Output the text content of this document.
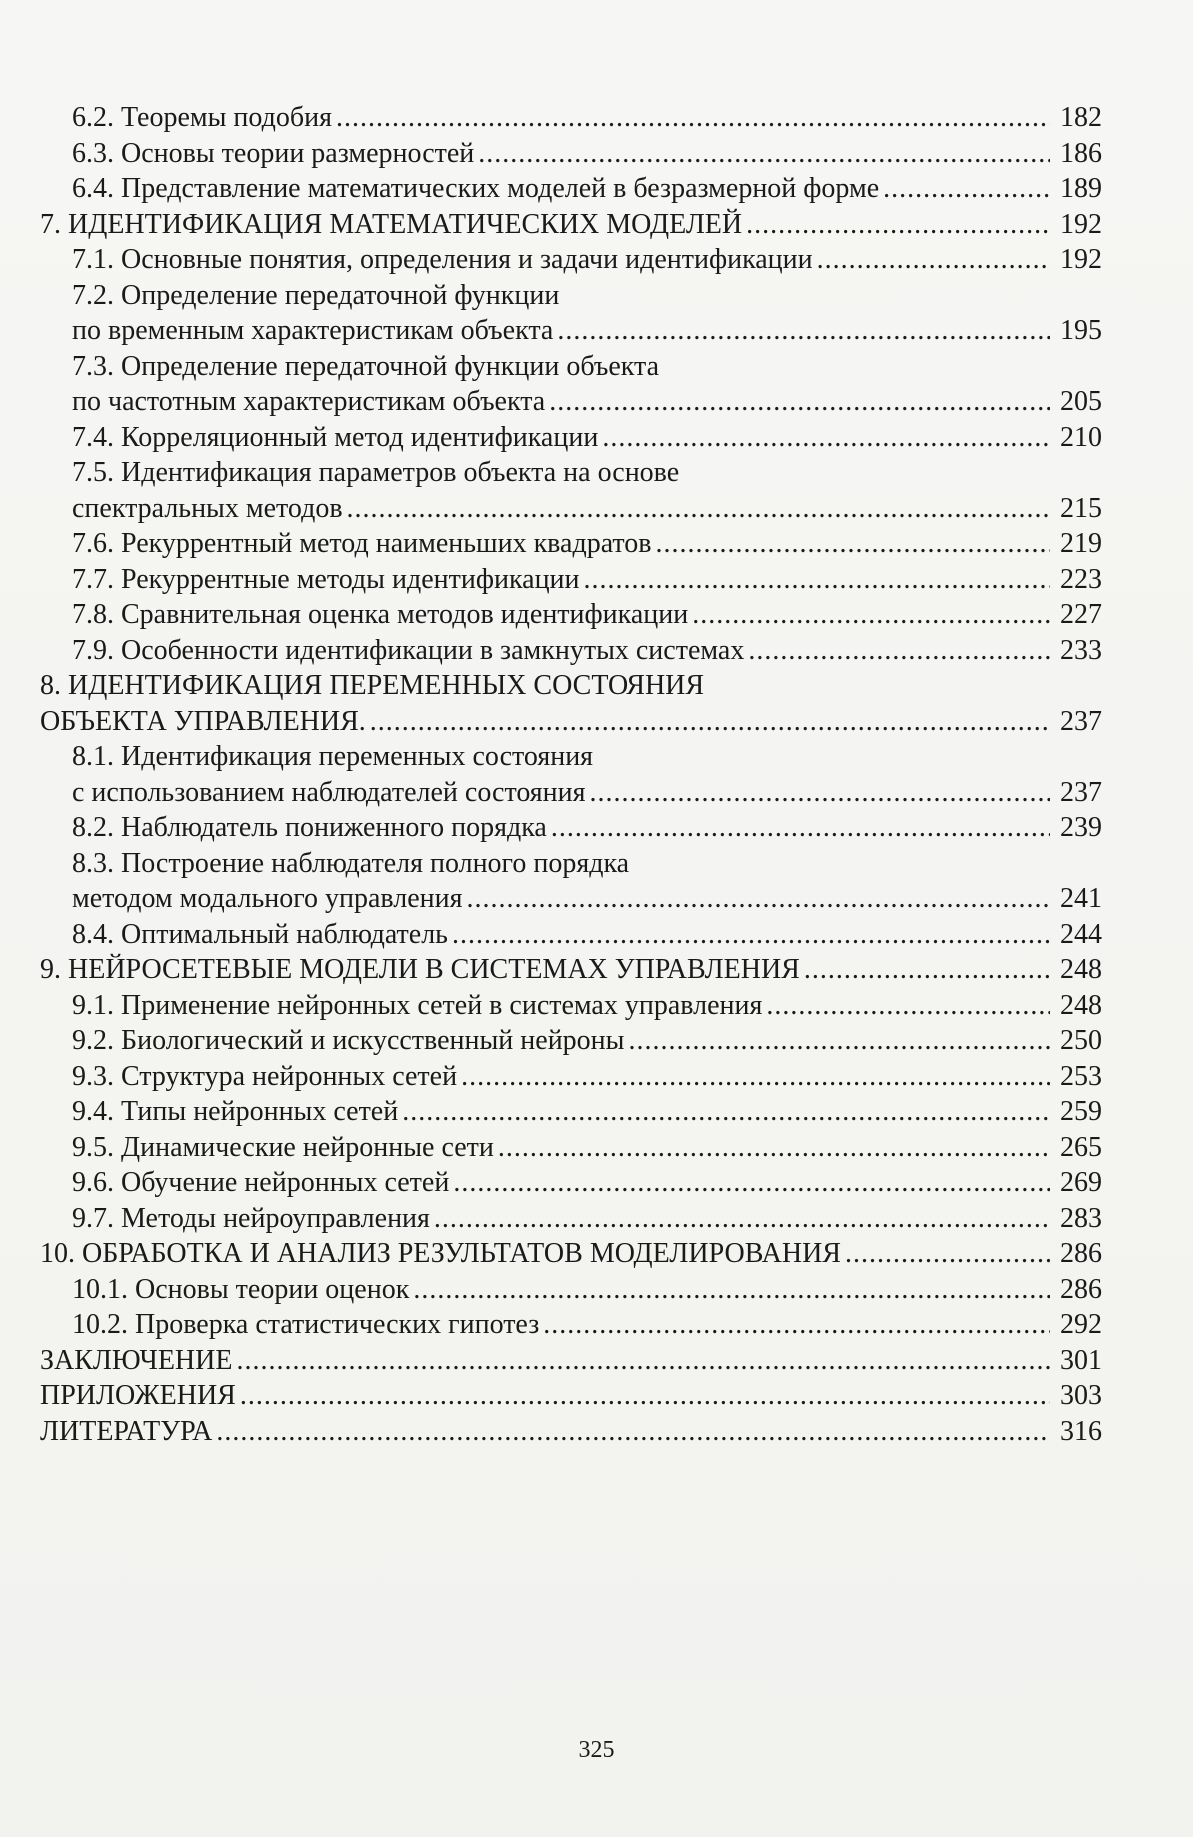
6.2. Теоремы подобия .....	182
6.3. Основы теории размерностей .....	186
6.4. Представление математических моделей в безразмерной форме .....	189
7. ИДЕНТИФИКАЦИЯ МАТЕМАТИЧЕСКИХ МОДЕЛЕЙ .....	192
7.1. Основные понятия, определения и задачи идентификации .....	192
7.2. Определение передаточной функции
по временным характеристикам объекта .....	195
7.3. Определение передаточной функции объекта
по частотным характеристикам объекта .....	205
7.4. Корреляционный метод идентификации .....	210
7.5. Идентификация параметров объекта на основе
спектральных методов .....	215
7.6. Рекуррентный метод наименьших квадратов .....	219
7.7. Рекуррентные методы идентификации .....	223
7.8. Сравнительная оценка методов идентификации .....	227
7.9. Особенности идентификации в замкнутых системах .....	233
8. ИДЕНТИФИКАЦИЯ ПЕРЕМЕННЫХ СОСТОЯНИЯ
ОБЪЕКТА УПРАВЛЕНИЯ. .....	237
8.1. Идентификация переменных состояния
с использованием наблюдателей состояния .....	237
8.2. Наблюдатель пониженного порядка .....	239
8.3. Построение наблюдателя полного порядка
методом модального управления .....	241
8.4. Оптимальный наблюдатель .....	244
9. НЕЙРОСЕТЕВЫЕ МОДЕЛИ В СИСТЕМАХ УПРАВЛЕНИЯ .....	248
9.1. Применение нейронных сетей в системах управления .....	248
9.2. Биологический и искусственный нейроны .....	250
9.3. Структура нейронных сетей .....	253
9.4. Типы нейронных сетей .....	259
9.5. Динамические нейронные сети .....	265
9.6. Обучение нейронных сетей .....	269
9.7. Методы нейроуправления .....	283
10. ОБРАБОТКА И АНАЛИЗ РЕЗУЛЬТАТОВ МОДЕЛИРОВАНИЯ .....	286
10.1. Основы теории оценок .....	286
10.2. Проверка статистических гипотез .....	292
ЗАКЛЮЧЕНИЕ .....	301
ПРИЛОЖЕНИЯ .....	303
ЛИТЕРАТУРА .....	316
325
